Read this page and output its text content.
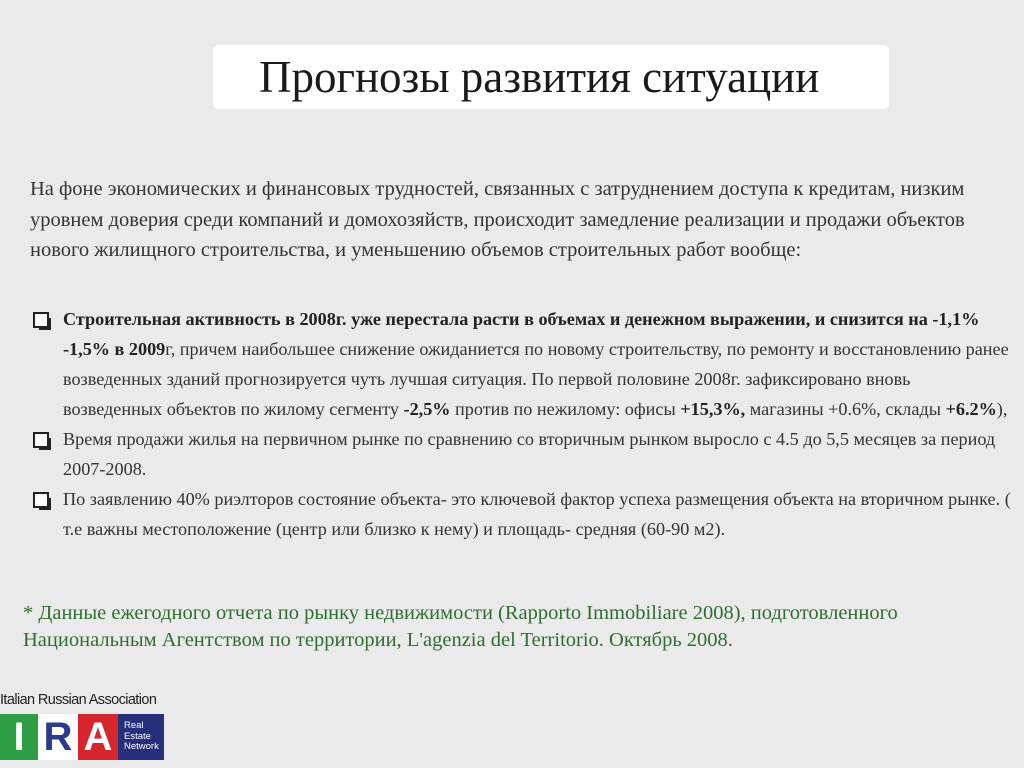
Прогнозы развития ситуации
На фоне экономических и финансовых трудностей, связанных с затруднением доступа к кредитам, низким уровнем доверия среди компаний и домохозяйств, происходит замедление реализации и продажи объектов нового жилищного строительства, и уменьшению объемов строительных работ вообще:
Строительная активность в 2008г. уже перестала расти в объемах и денежном выражении, и снизится на -1,1% -1,5% в 2009г, причем наибольшее снижение ожиданиется по новому строительству, по ремонту и восстановлению ранее возведенных зданий прогнозируется чуть лучшая ситуация. По первой половине 2008г. зафиксировано вновь возведенных объектов по жилому сегменту -2,5% против по нежилому: офисы +15,3%, магазины +0.6%, склады +6.2%),
Время продажи жилья на первичном рынке по сравнению со вторичным рынком выросло с 4.5 до 5,5 месяцев за период 2007-2008.
По заявлению 40% риэлторов состояние объекта- это ключевой фактор успеха размещения объекта на вторичном рынке. ( т.е важны местоположение (центр или близко к нему) и площадь- средняя (60-90 м2).
* Данные ежегодного отчета по рынку недвижимости (Rapporto Immobiliare 2008), подготовленного Национальным Агентством по территории, L'agenzia del Territorio. Октябрь 2008.
Italian Russian Association
I R A	Real
Estate
Network
